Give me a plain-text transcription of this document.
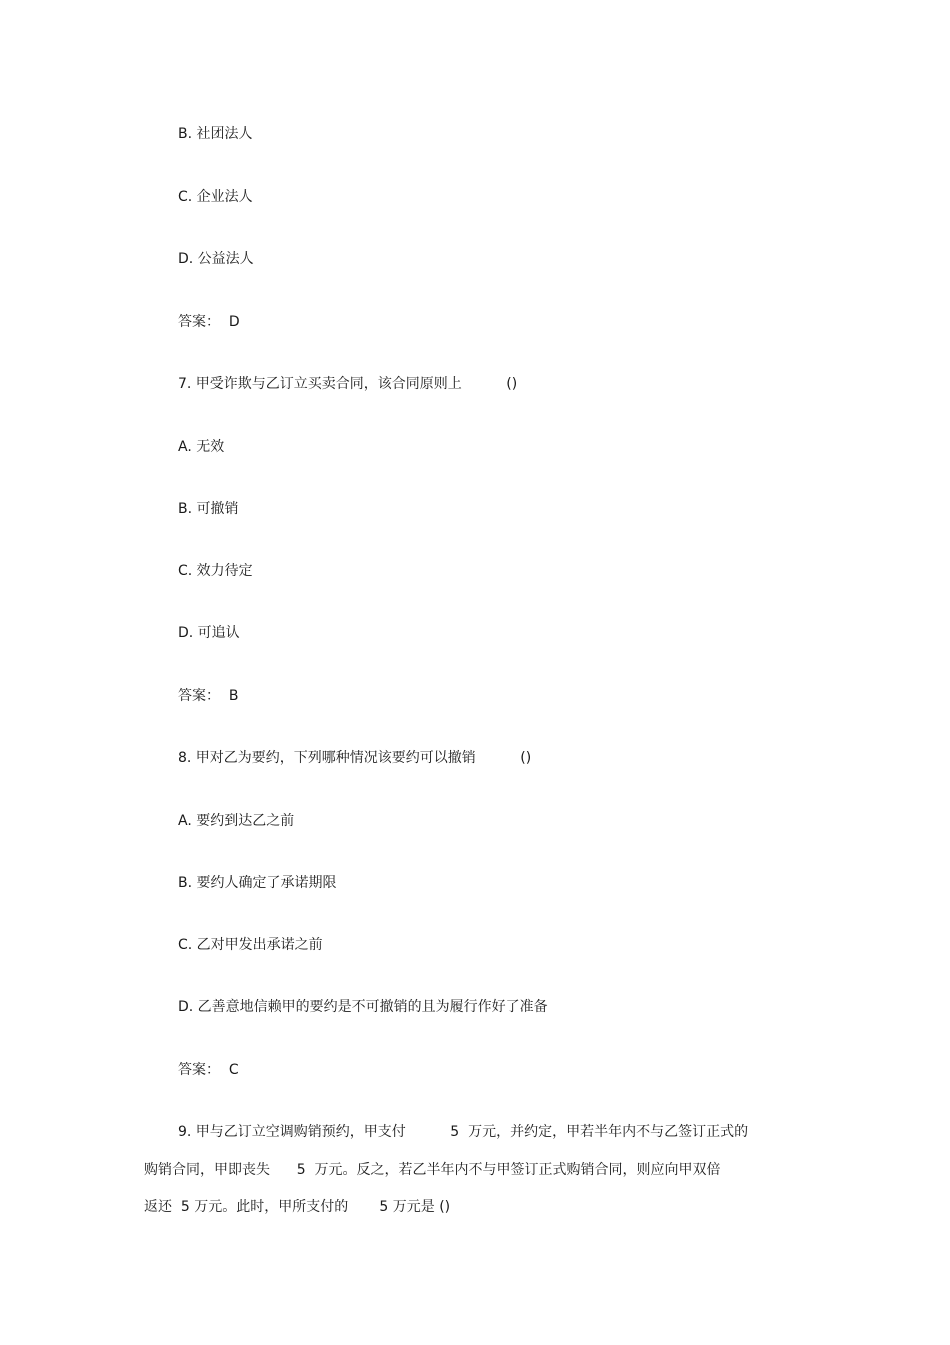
B. 社团法人
C. 企业法人
D. 公益法人
答案：  D
7. 甲受诈欺与乙订立买卖合同，该合同原则上          ()
A. 无效
B. 可撤销
C. 效力待定
D. 可追认
答案：  B
8. 甲对乙为要约，下列哪种情况该要约可以撤销          ()
A. 要约到达乙之前
B. 要约人确定了承诺期限
C. 乙对甲发出承诺之前
D. 乙善意地信赖甲的要约是不可撤销的且为履行作好了准备
答案：  C
9. 甲与乙订立空调购销预约，甲支付          5  万元，并约定，甲若半年内不与乙签订正式的
购销合同，甲即丧失      5  万元。反之，若乙半年内不与甲签订正式购销合同，则应向甲双倍
返还  5 万元。此时，甲所支付的       5 万元是 ()
